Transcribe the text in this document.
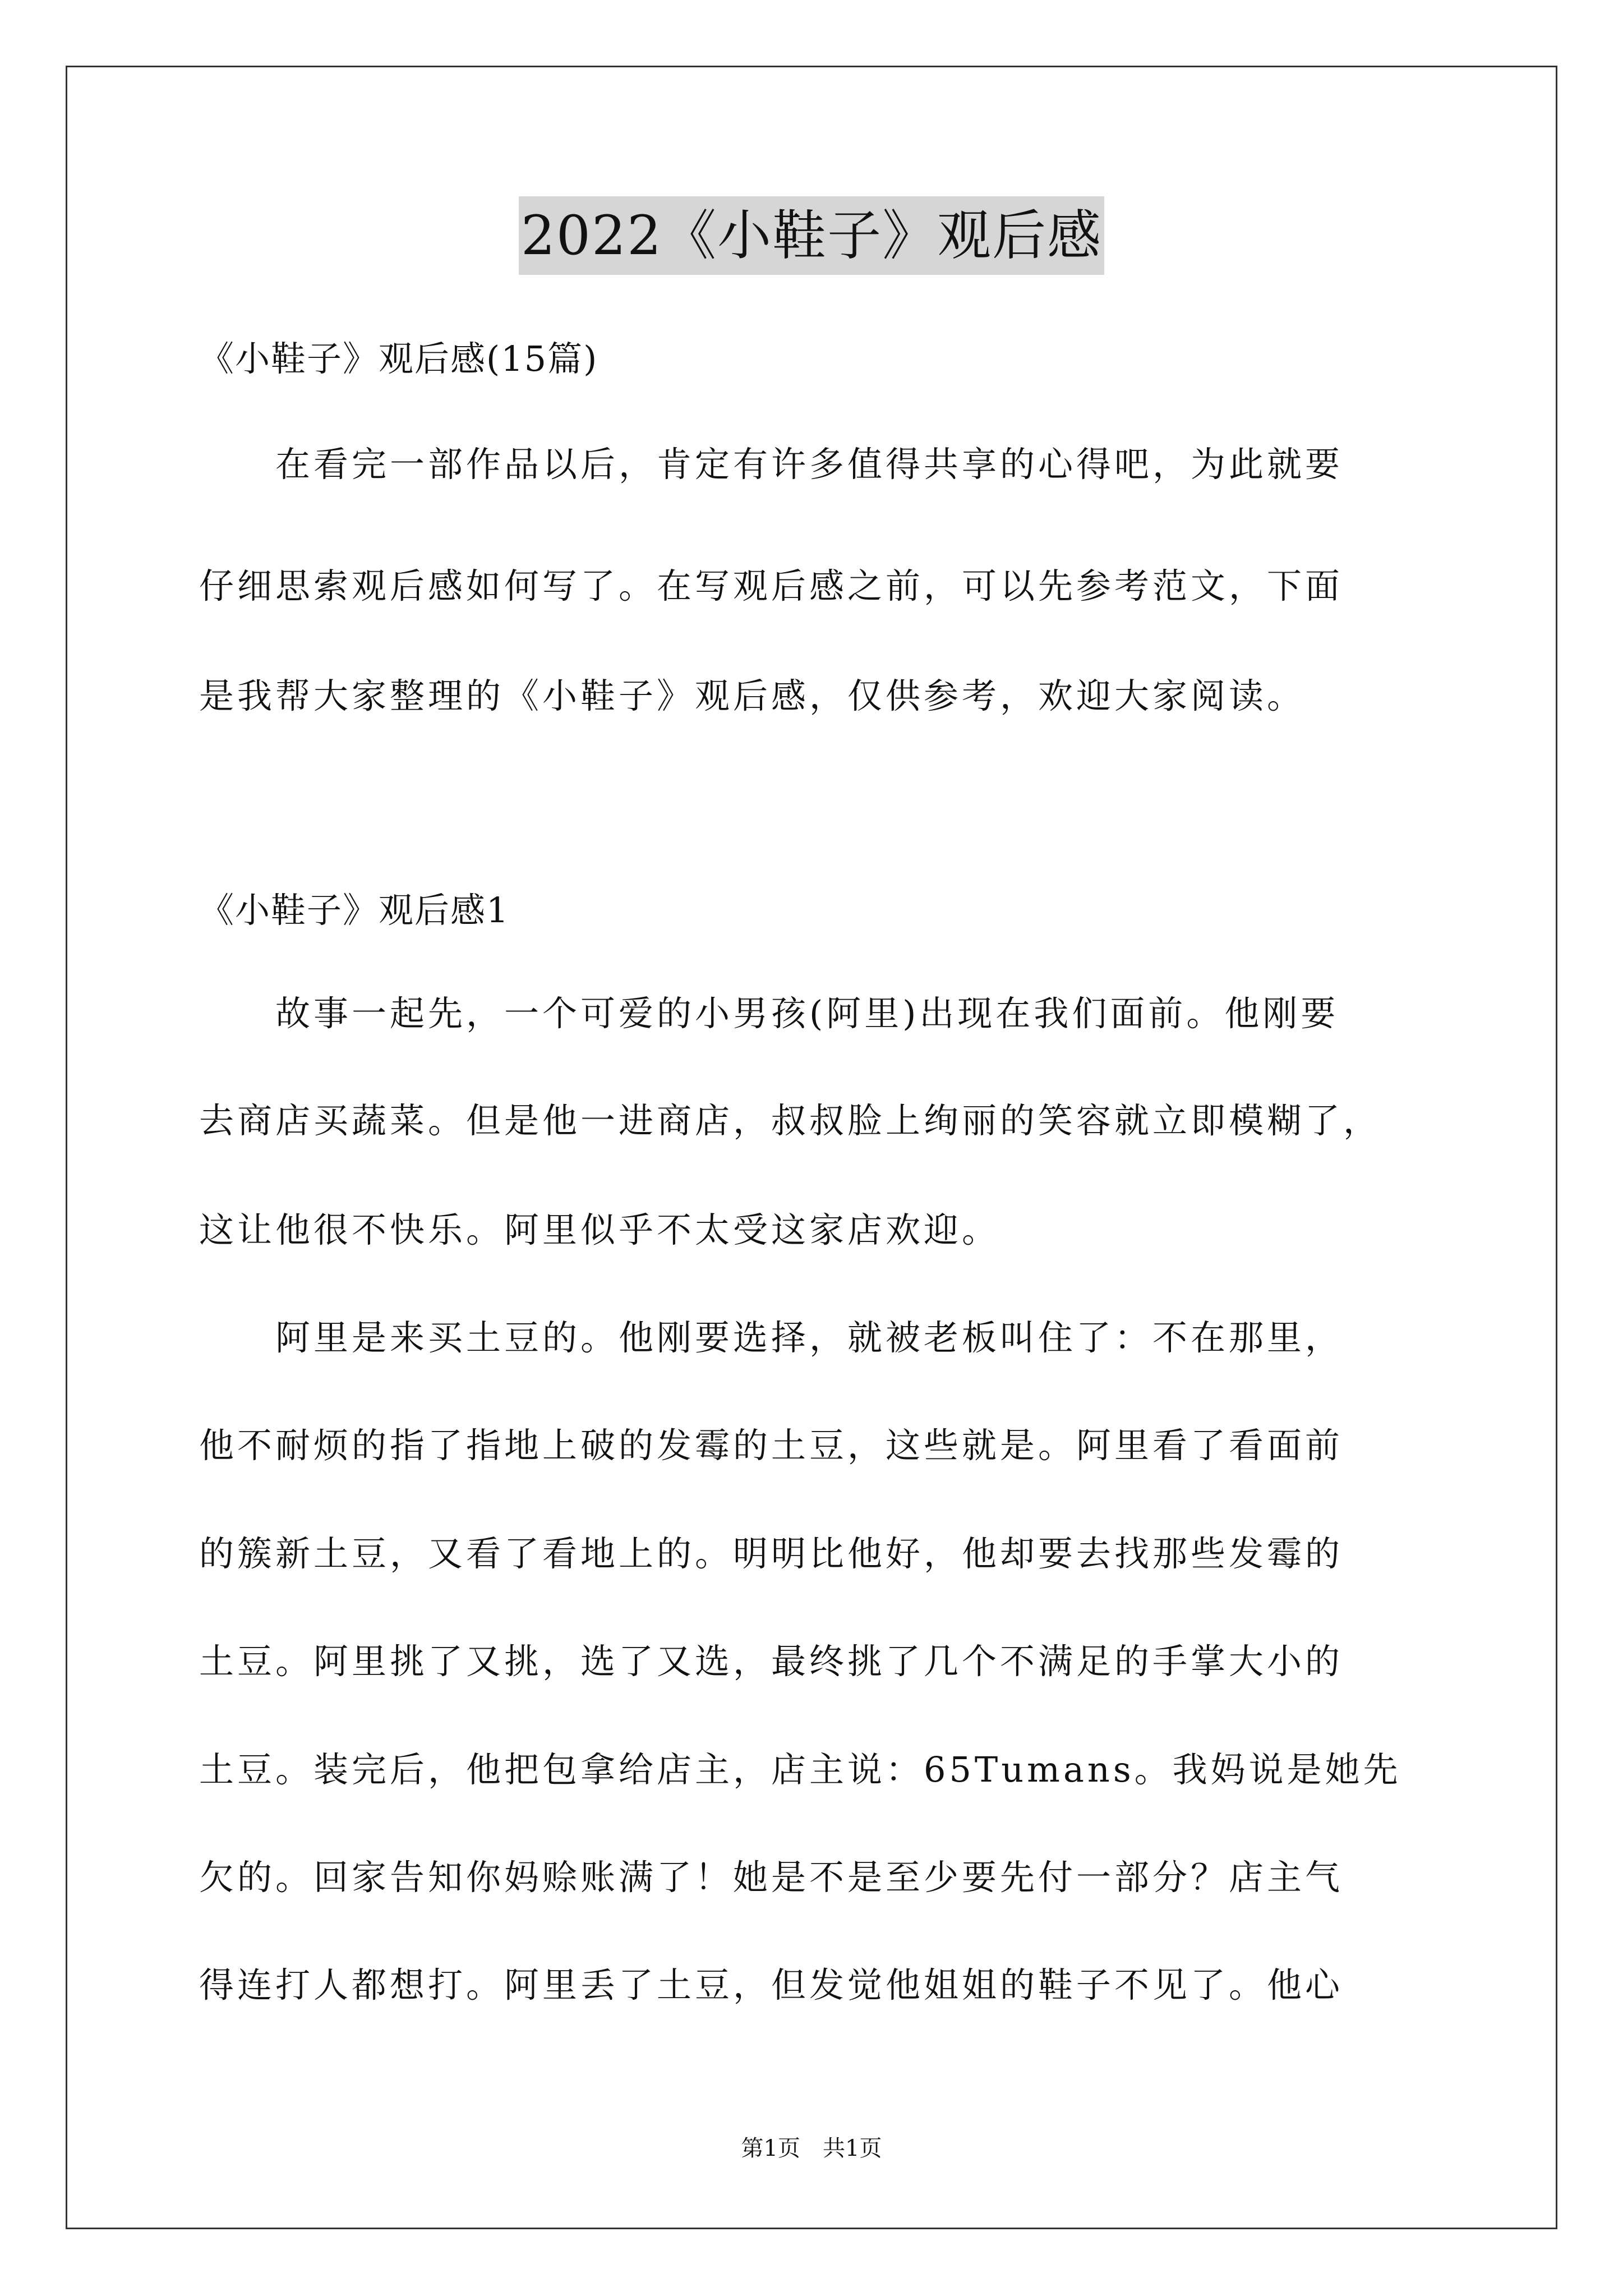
2022《小鞋子》观后感
《小鞋子》观后感(15篇)
　　在看完一部作品以后，肯定有许多值得共享的心得吧，为此就要
仔细思索观后感如何写了。在写观后感之前，可以先参考范文，下面
是我帮大家整理的《小鞋子》观后感，仅供参考，欢迎大家阅读。
《小鞋子》观后感1
　　故事一起先，一个可爱的小男孩(阿里)出现在我们面前。他刚要
去商店买蔬菜。但是他一进商店，叔叔脸上绚丽的笑容就立即模糊了，
这让他很不快乐。阿里似乎不太受这家店欢迎。
　　阿里是来买土豆的。他刚要选择，就被老板叫住了：不在那里，
他不耐烦的指了指地上破的发霉的土豆，这些就是。阿里看了看面前
的簇新土豆，又看了看地上的。明明比他好，他却要去找那些发霉的
土豆。阿里挑了又挑，选了又选，最终挑了几个不满足的手掌大小的
土豆。装完后，他把包拿给店主，店主说：65Tumans。我妈说是她先
欠的。回家告知你妈赊账满了！她是不是至少要先付一部分？店主气
得连打人都想打。阿里丢了土豆，但发觉他姐姐的鞋子不见了。他心
第1页 共1页
